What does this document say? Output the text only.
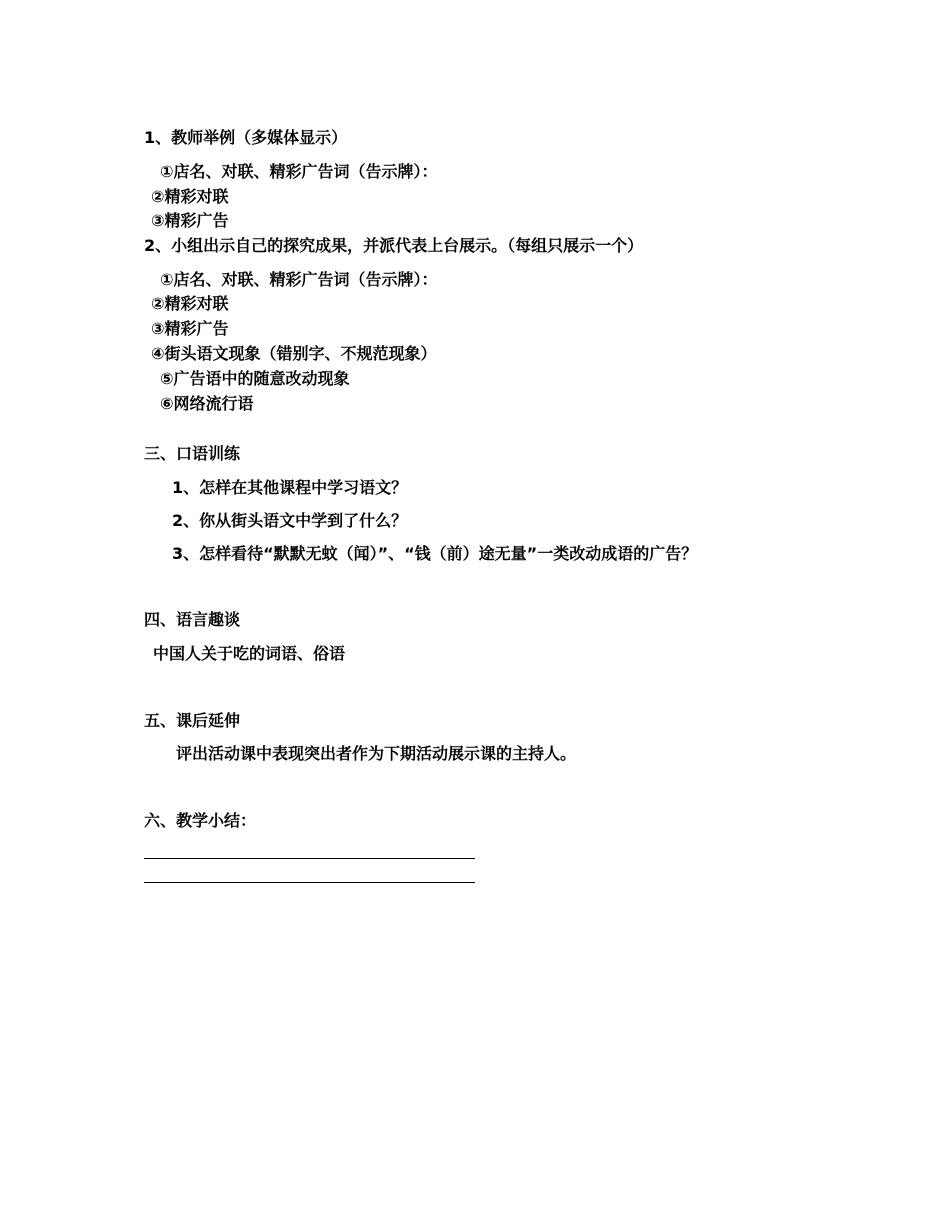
1、教师举例（多媒体显示）
①店名、对联、精彩广告词（告示牌）：
②精彩对联
③精彩广告
2、小组出示自己的探究成果，并派代表上台展示。（每组只展示一个）
①店名、对联、精彩广告词（告示牌）：
②精彩对联
③精彩广告
④街头语文现象（错别字、不规范现象）
⑤广告语中的随意改动现象
⑥网络流行语
三、口语训练
1、怎样在其他课程中学习语文？
2、你从街头语文中学到了什么？
3、怎样看待“默默无蚊（闻）”、“钱（前）途无量”一类改动成语的广告？
四、语言趣谈
中国人关于吃的词语、俗语
五、课后延伸
评出活动课中表现突出者作为下期活动展示课的主持人。
六、教学小结：
